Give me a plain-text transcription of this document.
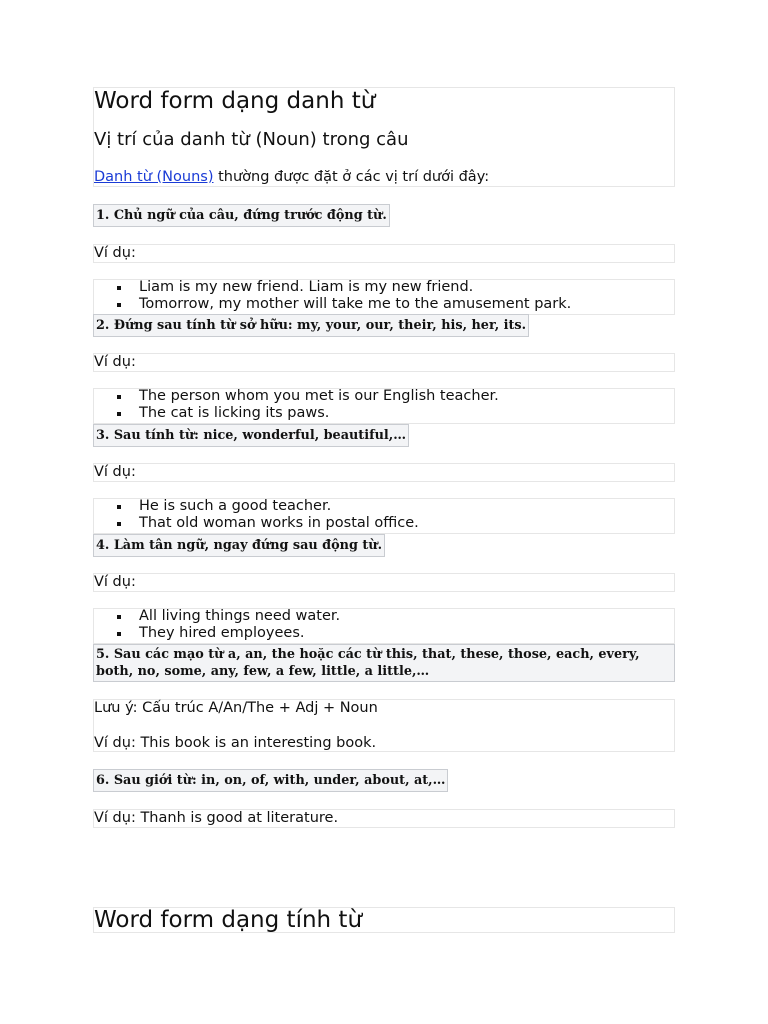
Word form dạng danh từ
Vị trí của danh từ (Noun) trong câu
Danh từ (Nouns) thường được đặt ở các vị trí dưới đây:
1. Chủ ngữ của câu, đứng trước động từ.
Ví dụ:
Liam is my new friend. Liam is my new friend.
Tomorrow, my mother will take me to the amusement park.
2. Đứng sau tính từ sở hữu: my, your, our, their, his, her, its.
Ví dụ:
The person whom you met is our English teacher.
The cat is licking its paws.
3. Sau tính từ: nice, wonderful, beautiful,…
Ví dụ:
He is such a good teacher.
That old woman works in postal office.
4. Làm tân ngữ, ngay đứng sau động từ.
Ví dụ:
All living things need water.
They hired employees.
5. Sau các mạo từ a, an, the hoặc các từ this, that, these, those, each, every, both, no, some, any, few, a few, little, a little,…
Lưu ý: Cấu trúc A/An/The + Adj + Noun
Ví dụ: This book is an interesting book.
6. Sau giới từ: in, on, of, with, under, about, at,…
Ví dụ: Thanh is good at literature.
Word form dạng tính từ
